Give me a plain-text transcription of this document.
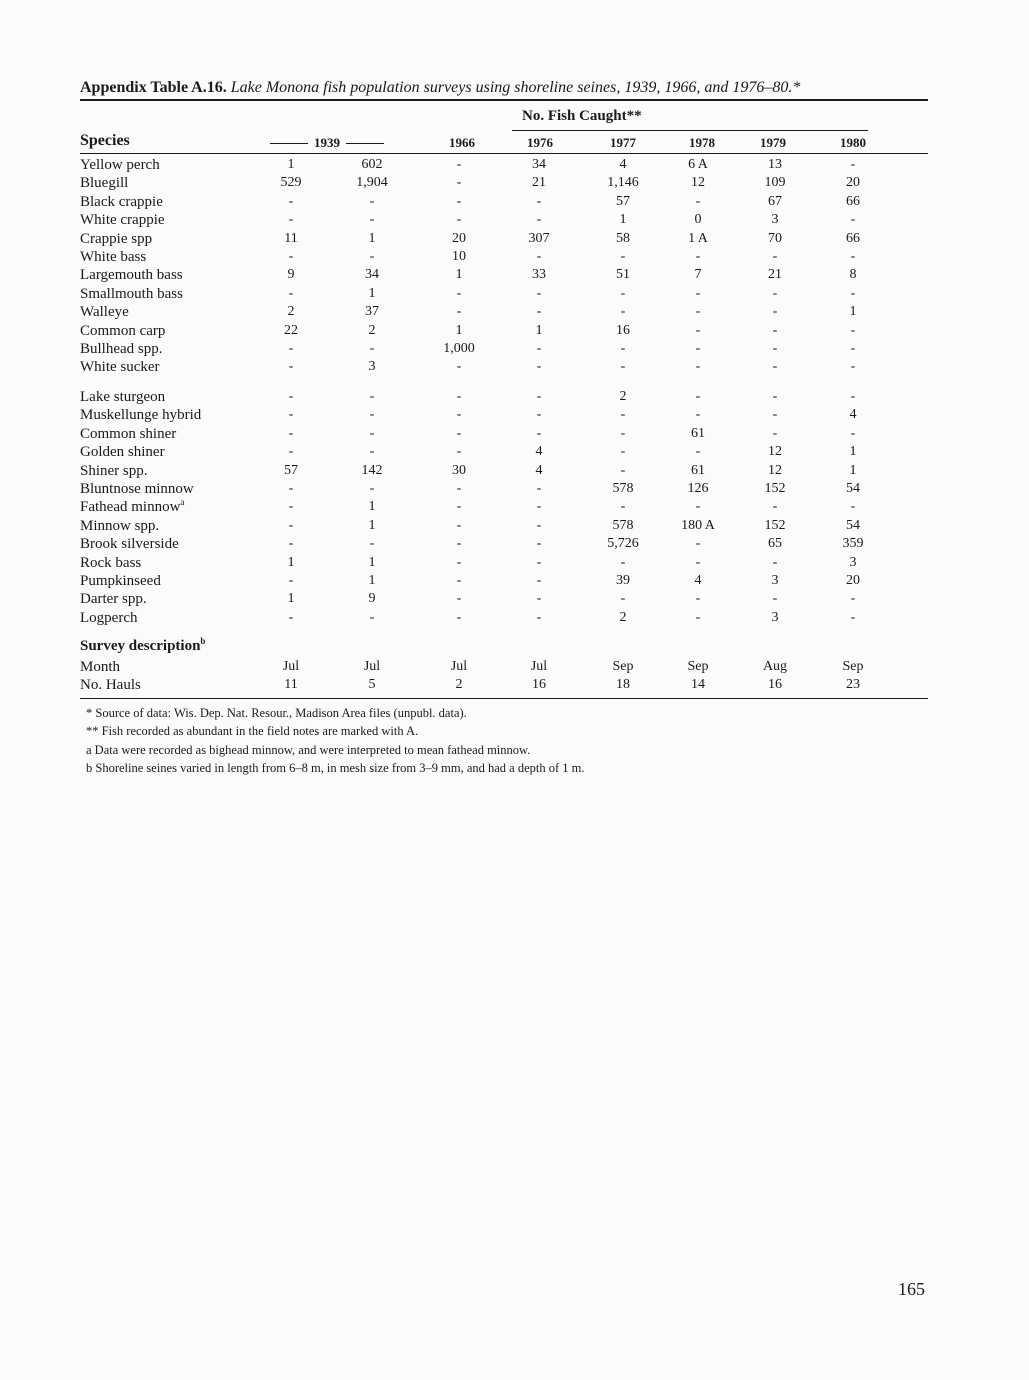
Appendix Table A.16. Lake Monona fish population surveys using shoreline seines, 1939, 1966, and 1976–80.*
No. Fish Caught**
Species	1939	1966	1976	1977	1978	1979	1980
Yellow perch	1	602	-	34	4	6 A	13	-
Bluegill	529	1,904	-	21	1,146	12	109	20
Black crappie	-	-	-	-	57	-	67	66
White crappie	-	-	-	-	1	0	3	-
Crappie spp	11	1	20	307	58	1 A	70	66
White bass	-	-	10	-	-	-	-	-
Largemouth bass	9	34	1	33	51	7	21	8
Smallmouth bass	-	1	-	-	-	-	-	-
Walleye	2	37	-	-	-	-	-	1
Common carp	22	2	1	1	16	-	-	-
Bullhead spp.	-	-	1,000	-	-	-	-	-
White sucker	-	3	-	-	-	-	-	-
Lake sturgeon	-	-	-	-	2	-	-	-
Muskellunge hybrid	-	-	-	-	-	-	-	4
Common shiner	-	-	-	-	-	61	-	-
Golden shiner	-	-	-	4	-	-	12	1
Shiner spp.	57	142	30	4	-	61	12	1
Bluntnose minnow	-	-	-	-	578	126	152	54
Fathead minnow$^a$	-	1	-	-	-	-	-	-
Minnow spp.	-	1	-	-	578	180 A	152	54
Brook silverside	-	-	-	-	5,726	-	65	359
Rock bass	1	1	-	-	-	-	-	3
Pumpkinseed	-	1	-	-	39	4	3	20
Darter spp.	1	9	-	-	-	-	-	-
Logperch	-	-	-	-	2	-	3	-
Survey description$^b$
Month	Jul	Jul	Jul	Jul	Sep	Sep	Aug	Sep
No. Hauls	11	5	2	16	18	14	16	23
* Source of data: Wis. Dep. Nat. Resour., Madison Area files (unpubl. data).
** Fish recorded as abundant in the field notes are marked with A.
a Data were recorded as bighead minnow, and were interpreted to mean fathead minnow.
b Shoreline seines varied in length from 6–8 m, in mesh size from 3–9 mm, and had a depth of 1 m.
165
